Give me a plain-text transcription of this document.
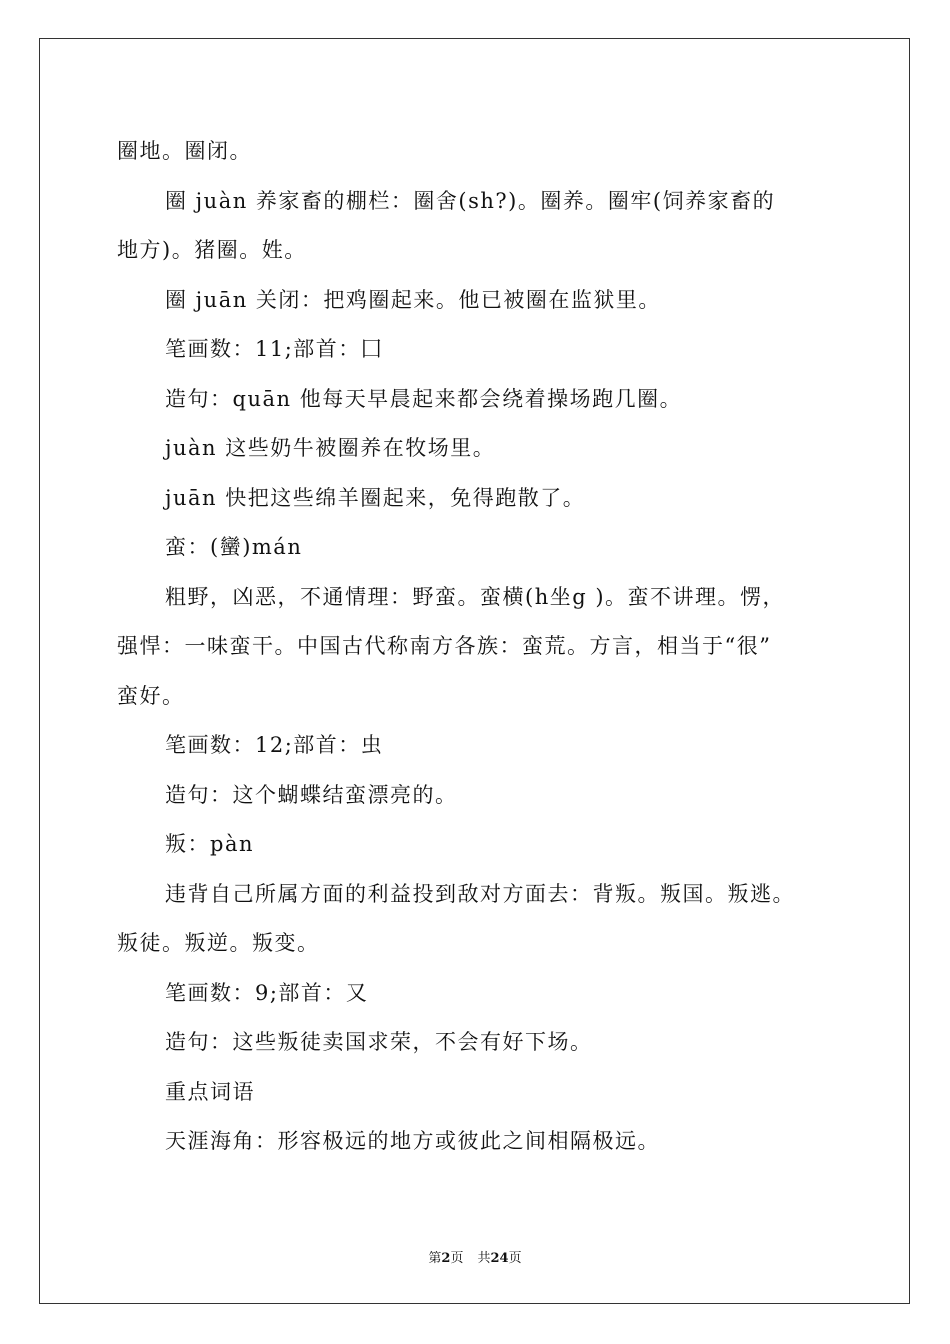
圈地。圈闭。
圈 juàn 养家畜的棚栏：圈舍(sh?)。圈养。圈牢(饲养家畜的
地方)。猪圈。姓。
圈 juān 关闭：把鸡圈起来。他已被圈在监狱里。
笔画数：11;部首：囗
造句：quān 他每天早晨起来都会绕着操场跑几圈。
juàn 这些奶牛被圈养在牧场里。
juān 快把这些绵羊圈起来，免得跑散了。
蛮：(蠻)mán
粗野，凶恶，不通情理：野蛮。蛮横(h坐g )。蛮不讲理。愣，
强悍：一味蛮干。中国古代称南方各族：蛮荒。方言，相当于“很”
蛮好。
笔画数：12;部首：虫
造句：这个蝴蝶结蛮漂亮的。
叛：pàn
违背自己所属方面的利益投到敌对方面去：背叛。叛国。叛逃。
叛徒。叛逆。叛变。
笔画数：9;部首：又
造句：这些叛徒卖国求荣，不会有好下场。
重点词语
天涯海角：形容极远的地方或彼此之间相隔极远。
第2页 共24页
